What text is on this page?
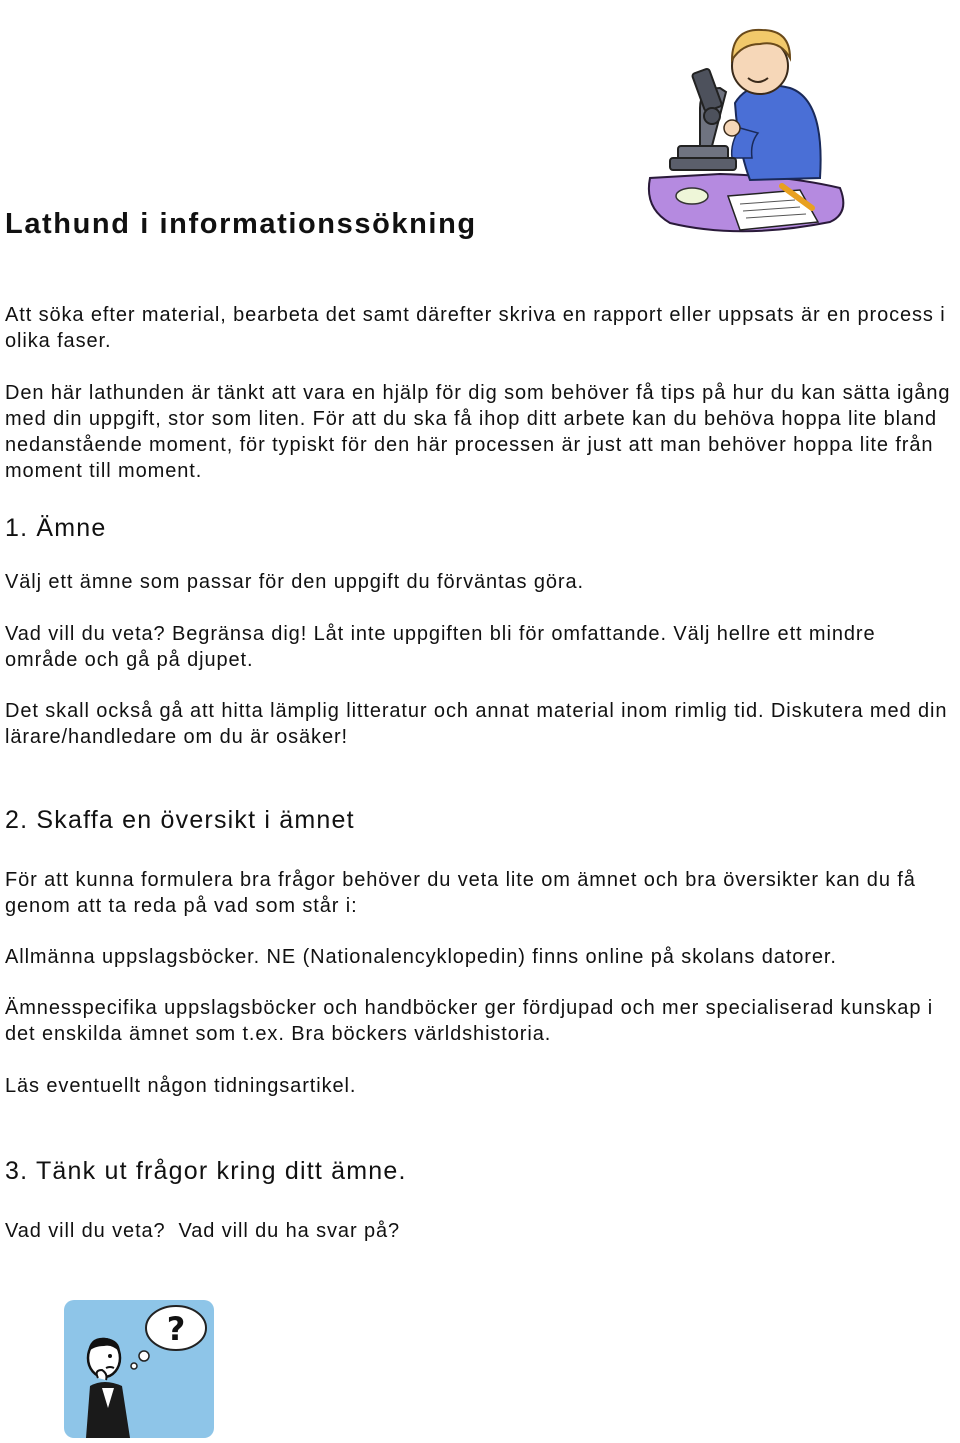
Lathund i informationssökning

Att söka efter material, bearbeta det samt därefter skriva en rapport eller uppsats är en process i olika faser.

Den här lathunden är tänkt att vara en hjälp för dig som behöver få tips på hur du kan sätta igång med din uppgift, stor som liten. För att du ska få ihop ditt arbete kan du behöva hoppa lite bland nedanstående moment, för typiskt för den här processen är just att man behöver hoppa lite från moment till moment.

1. Ämne

Välj ett ämne som passar för den uppgift du förväntas göra.

Vad vill du veta? Begränsa dig! Låt inte uppgiften bli för omfattande. Välj hellre ett mindre område och gå på djupet.

Det skall också gå att hitta lämplig litteratur och annat material inom rimlig tid. Diskutera med din lärare/handledare om du är osäker!

2. Skaffa en översikt i ämnet

För att kunna formulera bra frågor behöver du veta lite om ämnet och bra översikter kan du få genom att ta reda på vad som står i:

Allmänna uppslagsböcker. NE (Nationalencyklopedin) finns online på skolans datorer.

Ämnesspecifika uppslagsböcker och handböcker ger fördjupad och mer specialiserad kunskap i det enskilda ämnet som t.ex. Bra böckers världshistoria.

Läs eventuellt någon tidningsartikel.

3. Tänk ut frågor kring ditt ämne.

Vad vill du veta?  Vad vill du ha svar på?

?
